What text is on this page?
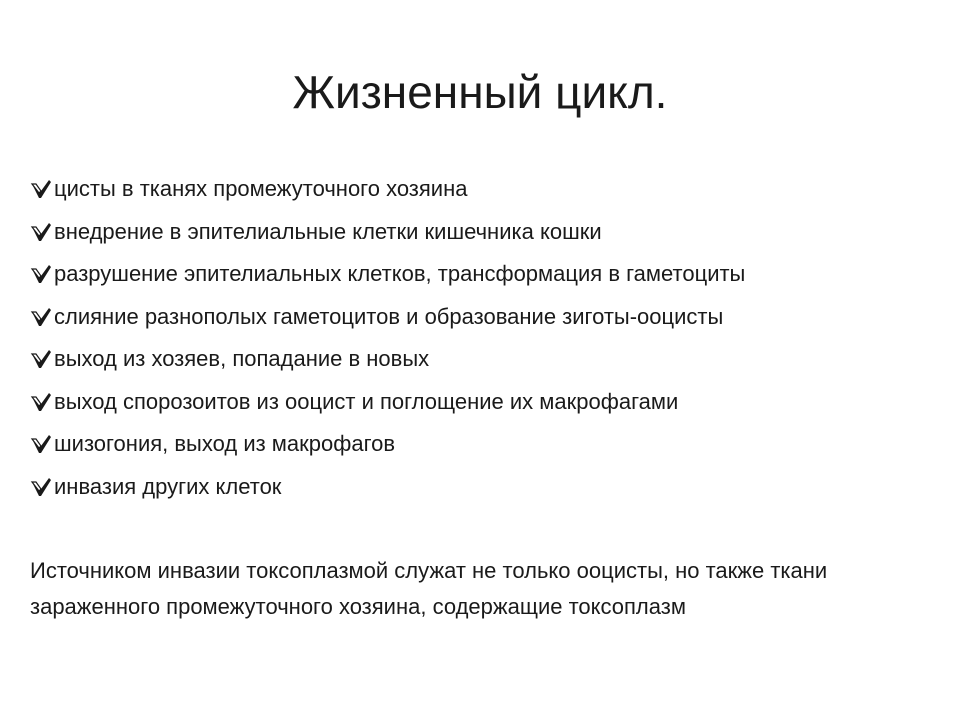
Жизненный цикл.
цисты в тканях промежуточного хозяина
внедрение в эпителиальные клетки кишечника кошки
разрушение эпителиальных клетков, трансформация в гаметоциты
слияние разнополых гаметоцитов и образование зиготы-ооцисты
выход из хозяев, попадание в новых
выход спорозоитов из ооцист и поглощение их макрофагами
шизогония, выход из макрофагов
инвазия других клеток

Источником инвазии токсоплазмой служат не только ооцисты, но также ткани зараженного промежуточного хозяина, содержащие токсоплазм
